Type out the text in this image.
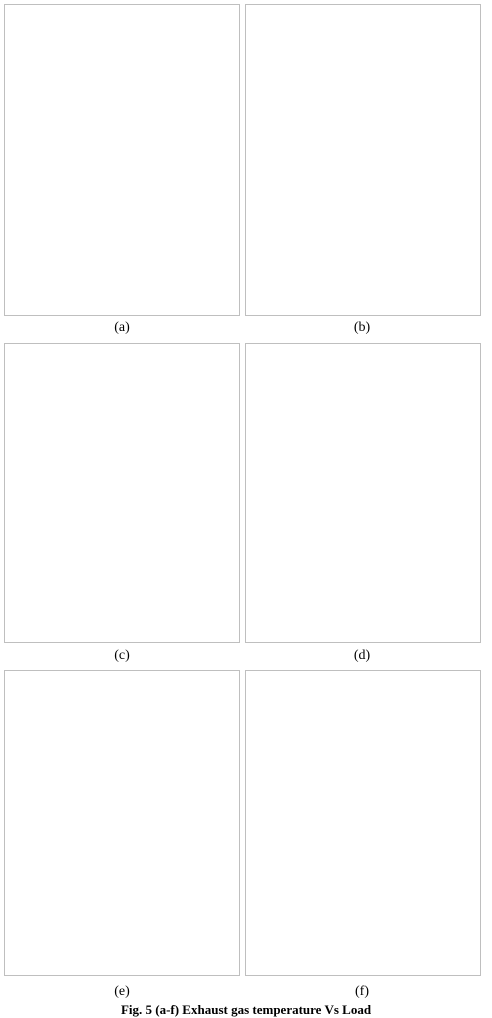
(a)	(b)
(c)	(d)
(e)	(f)
Fig. 5 (a-f) Exhaust gas temperature Vs Load
